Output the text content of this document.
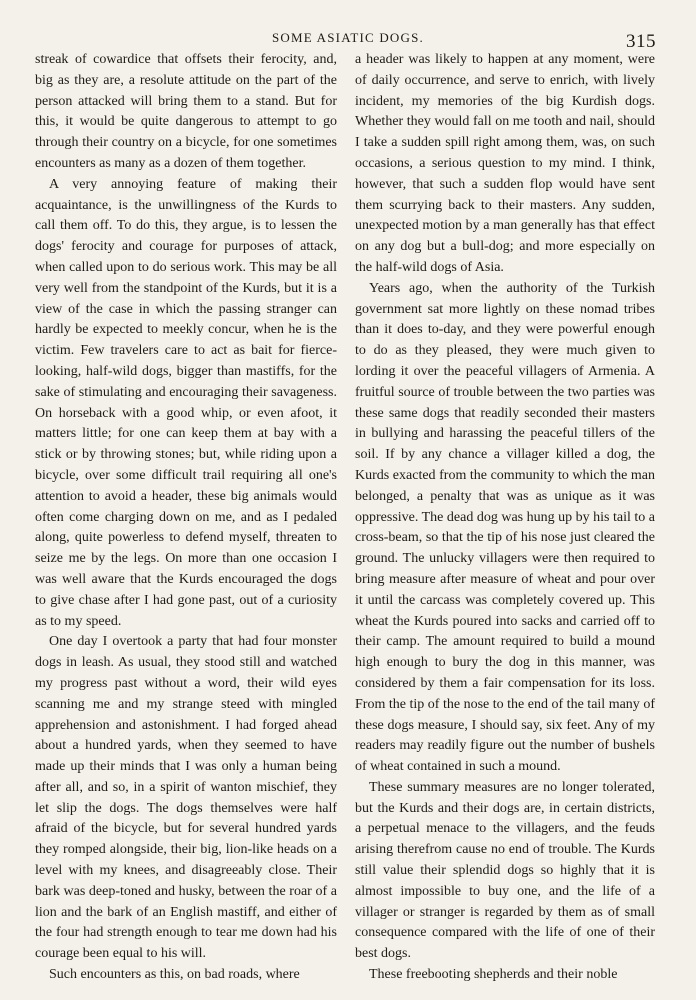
SOME ASIATIC DOGS.	315

streak of cowardice that offsets their ferocity, and, big as they are, a resolute attitude on the part of the person attacked will bring them to a stand. But for this, it would be quite dangerous to attempt to go through their country on a bicycle, for one sometimes encounters as many as a dozen of them together.

A very annoying feature of making their acquaintance, is the unwillingness of the Kurds to call them off. To do this, they argue, is to lessen the dogs' ferocity and courage for purposes of attack, when called upon to do serious work. This may be all very well from the standpoint of the Kurds, but it is a view of the case in which the passing stranger can hardly be expected to meekly concur, when he is the victim. Few travelers care to act as bait for fierce-looking, half-wild dogs, bigger than mastiffs, for the sake of stimulating and encouraging their savageness. On horseback with a good whip, or even afoot, it matters little; for one can keep them at bay with a stick or by throwing stones; but, while riding upon a bicycle, over some difficult trail requiring all one's attention to avoid a header, these big animals would often come charging down on me, and as I pedaled along, quite powerless to defend myself, threaten to seize me by the legs. On more than one occasion I was well aware that the Kurds encouraged the dogs to give chase after I had gone past, out of a curiosity as to my speed.

One day I overtook a party that had four monster dogs in leash. As usual, they stood still and watched my progress past without a word, their wild eyes scanning me and my strange steed with mingled apprehension and astonishment. I had forged ahead about a hundred yards, when they seemed to have made up their minds that I was only a human being after all, and so, in a spirit of wanton mischief, they let slip the dogs. The dogs themselves were half afraid of the bicycle, but for several hundred yards they romped alongside, their big, lion-like heads on a level with my knees, and disagreeably close. Their bark was deep-toned and husky, between the roar of a lion and the bark of an English mastiff, and either of the four had strength enough to tear me down had his courage been equal to his will.

Such encounters as this, on bad roads, where

a header was likely to happen at any moment, were of daily occurrence, and serve to enrich, with lively incident, my memories of the big Kurdish dogs. Whether they would fall on me tooth and nail, should I take a sudden spill right among them, was, on such occasions, a serious question to my mind. I think, however, that such a sudden flop would have sent them scurrying back to their masters. Any sudden, unexpected motion by a man generally has that effect on any dog but a bull-dog; and more especially on the half-wild dogs of Asia.

Years ago, when the authority of the Turkish government sat more lightly on these nomad tribes than it does to-day, and they were powerful enough to do as they pleased, they were much given to lording it over the peaceful villagers of Armenia. A fruitful source of trouble between the two parties was these same dogs that readily seconded their masters in bullying and harassing the peaceful tillers of the soil. If by any chance a villager killed a dog, the Kurds exacted from the community to which the man belonged, a penalty that was as unique as it was oppressive. The dead dog was hung up by his tail to a cross-beam, so that the tip of his nose just cleared the ground. The unlucky villagers were then required to bring measure after measure of wheat and pour over it until the carcass was completely covered up. This wheat the Kurds poured into sacks and carried off to their camp. The amount required to build a mound high enough to bury the dog in this manner, was considered by them a fair compensation for its loss. From the tip of the nose to the end of the tail many of these dogs measure, I should say, six feet. Any of my readers may readily figure out the number of bushels of wheat contained in such a mound.

These summary measures are no longer tolerated, but the Kurds and their dogs are, in certain districts, a perpetual menace to the villagers, and the feuds arising therefrom cause no end of trouble. The Kurds still value their splendid dogs so highly that it is almost impossible to buy one, and the life of a villager or stranger is regarded by them as of small consequence compared with the life of one of their best dogs.

These freebooting shepherds and their noble
